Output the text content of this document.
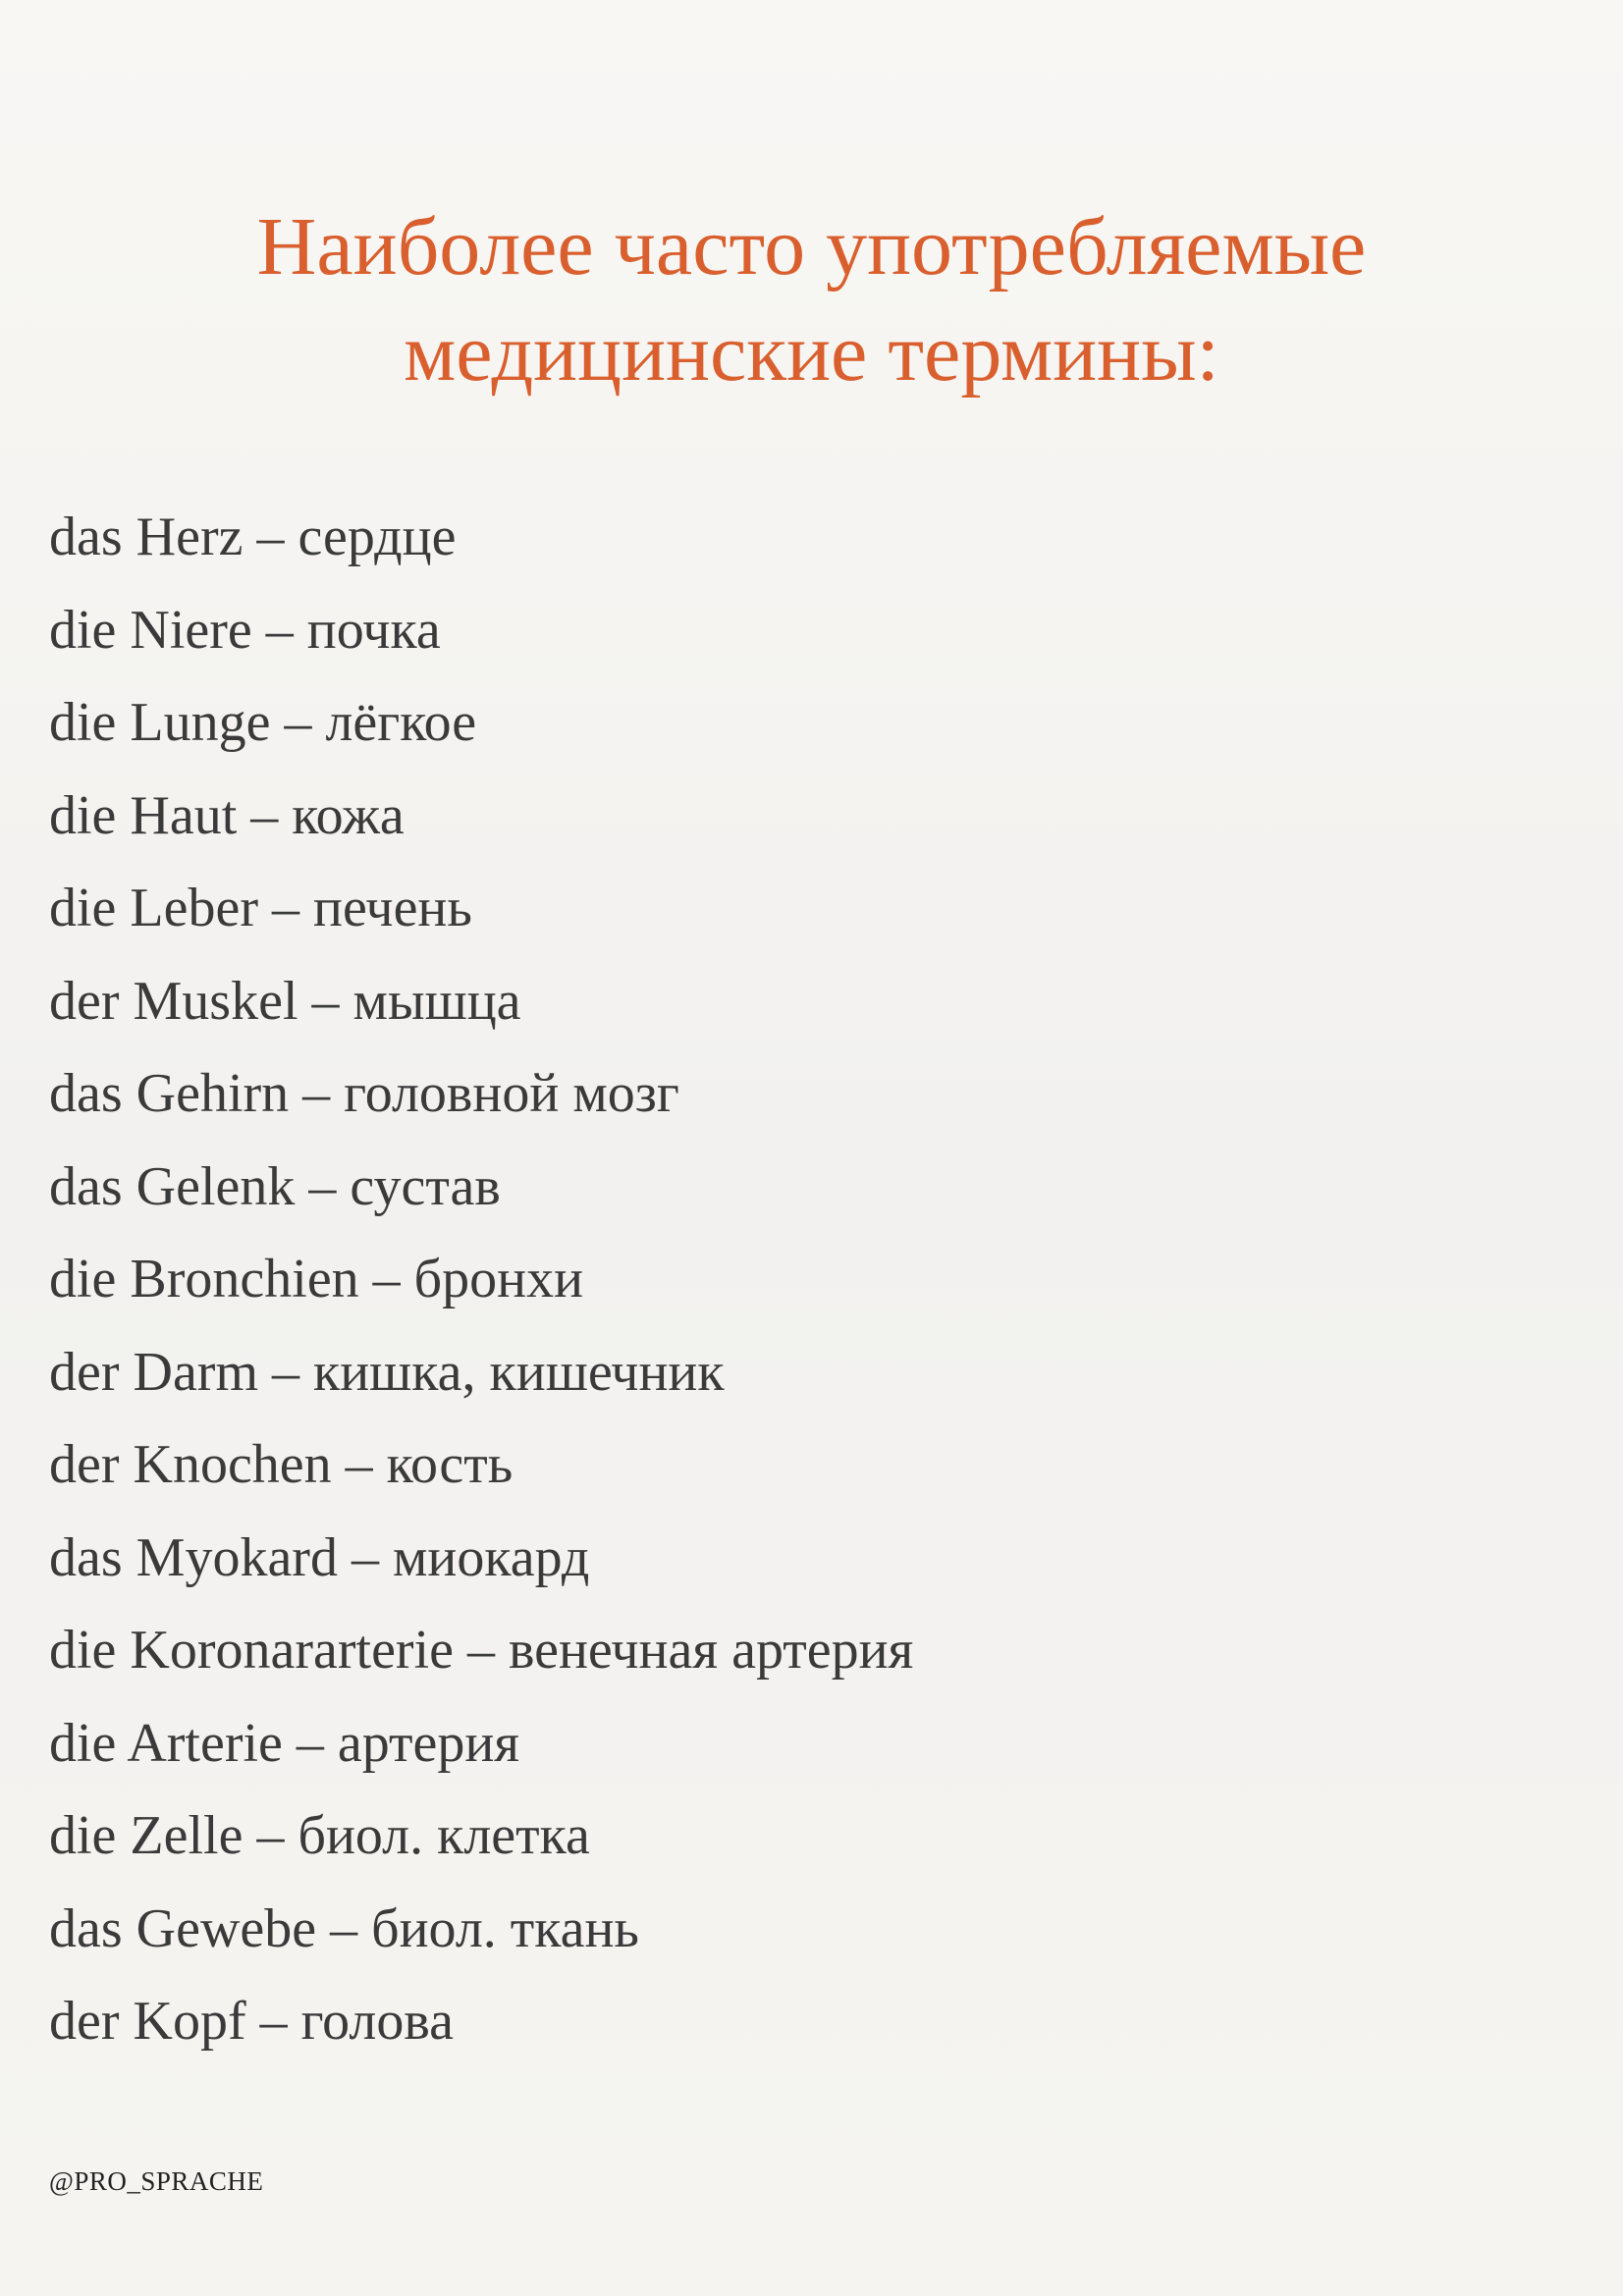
Наиболее часто употребляемые
медицинские термины:
das Herz – сердце
die Niere – почка
die Lunge – лёгкое
die Haut – кожа
die Leber – печень
der Muskel – мышца
das Gehirn – головной мозг
das Gelenk – сустав
die Bronchien – бронхи
der Darm – кишка, кишечник
der Knochen – кость
das Myokard – миокард
die Koronararterie – венечная артерия
die Arterie – артерия
die Zelle – биол. клетка
das Gewebe – биол. ткань
der Kopf – голова
@PRO_SPRACHE
